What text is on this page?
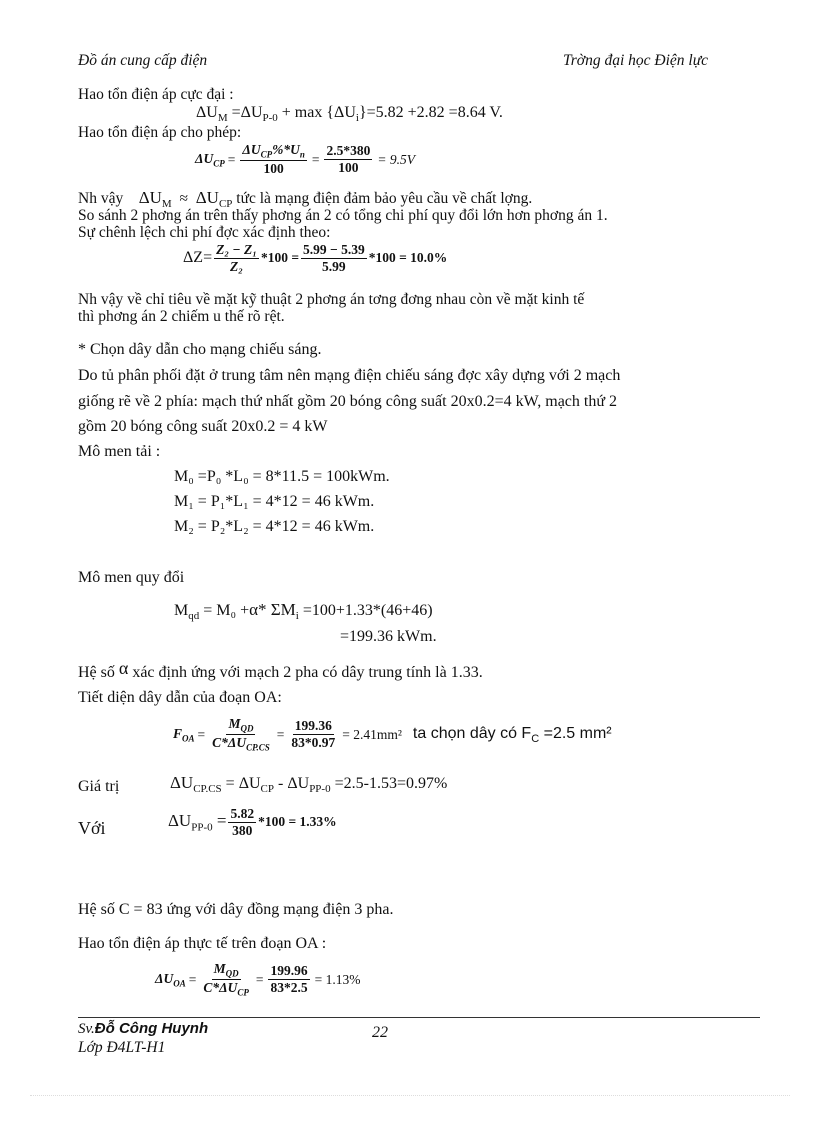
Đồ án cung cấp điện	Trờng đại học Điện lực
Hao tổn điện áp cực đại :
$\Delta U_M =\Delta U_{P-0} + \max \{\Delta U_i\}=5.82 +2.82 =8.64$ V.
Hao tổn điện áp cho phép:
$\Delta U_{CP} = \frac{\Delta U_{CP}\%*U_n}{100} = \frac{2.5*380}{100} = 9.5V$
Nh vậy $\Delta U_M \approx \Delta U_{CP}$ tức là mạng điện đảm bảo yêu cầu về chất lợng.
So sánh 2 phơng án trên thấy phơng án 2 có tổng chi phí quy đổi lớn hơn phơng án 1.
Sự chênh lệch chi phí đợc xác định theo:
$\Delta Z= \frac{\text{Z₂ − Z₁}}{\text{Z₂}} *100 = \frac{5.99 - 5.39}{5.99} *100 = 10.0\%$
Nh vậy về chỉ tiêu về mặt kỹ thuật 2 phơng án tơng đơng nhau còn về mặt kinh tế
thì phơng án 2 chiếm u thế rõ rệt.
* Chọn dây dẫn cho mạng chiếu sáng.
Do tủ phân phối đặt ở trung tâm nên mạng điện chiếu sáng đợc xây dựng với 2 mạch
giống rẽ về 2 phía: mạch thứ nhất gồm 20 bóng công suất 20x0.2=4 kW, mạch thứ 2
gồm 20 bóng công suất 20x0.2 = 4 kW
Mô men tải :
M₀ =P₀ *L₀ = 8*11.5 = 100kWm.
M₁ = P₁*L₁ = 4*12 = 46 kWm.
M₂ = P₂*L₂ = 4*12 = 46 kWm.
Mô men quy đổi
$M_{qd} = M_0 +\alpha*$ $\Sigma M_i =100+1.33*(46+46)$
=199.36 kWm.
Hệ số α xác định ứng với mạch 2 pha có dây trung tính là 1.33.
Tiết diện dây dẫn của đoạn OA:
$F_{OA} = \frac{M_{QD}}{C*\Delta U_{CP.CS}} = \frac{199.36}{83*0.97} = 2.41mm^2$ ta chọn dây có $F_C =2.5$ mm²
Giá trị	$\Delta U_{CP.CS} = \Delta U_{CP} - \Delta U_{PP-0} =2.5-1.53=0.97\%$
Với	$\Delta U_{PP-0} = \frac{5.82}{380} *100 = 1.33\%$
Hệ số C = 83 ứng với dây đồng mạng điện 3 pha.
Hao tổn điện áp thực tế trên đoạn OA :
$\Delta U_{OA} = \frac{M_{QD}}{C*\Delta U_{CP}} = \frac{199.96}{83*2.5} = 1.13\%$
Sv.Đỗ Công Huynh	22
Lớp Đ4LT-H1
